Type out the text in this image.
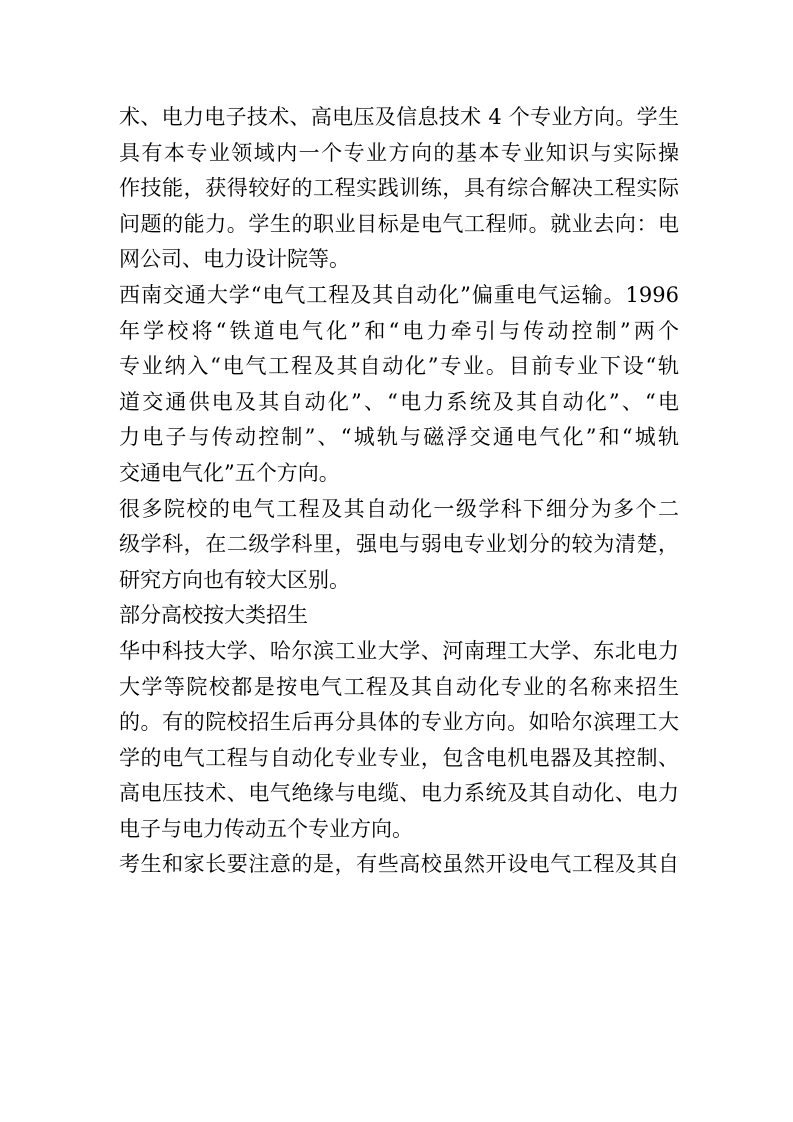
术、电力电子技术、高电压及信息技术 4 个专业方向。学生
具有本专业领域内一个专业方向的基本专业知识与实际操
作技能，获得较好的工程实践训练，具有综合解决工程实际
问题的能力。学生的职业目标是电气工程师。就业去向：电
网公司、电力设计院等。
西南交通大学“电气工程及其自动化”偏重电气运输。1996
年学校将“铁道电气化”和“电力牵引与传动控制”两个
专业纳入“电气工程及其自动化”专业。目前专业下设“轨
道交通供电及其自动化”、“电力系统及其自动化”、“电
力电子与传动控制”、“城轨与磁浮交通电气化”和“城轨
交通电气化”五个方向。
很多院校的电气工程及其自动化一级学科下细分为多个二
级学科，在二级学科里，强电与弱电专业划分的较为清楚，
研究方向也有较大区别。
部分高校按大类招生
华中科技大学、哈尔滨工业大学、河南理工大学、东北电力
大学等院校都是按电气工程及其自动化专业的名称来招生
的。有的院校招生后再分具体的专业方向。如哈尔滨理工大
学的电气工程与自动化专业专业，包含电机电器及其控制、
高电压技术、电气绝缘与电缆、电力系统及其自动化、电力
电子与电力传动五个专业方向。
考生和家长要注意的是，有些高校虽然开设电气工程及其自
